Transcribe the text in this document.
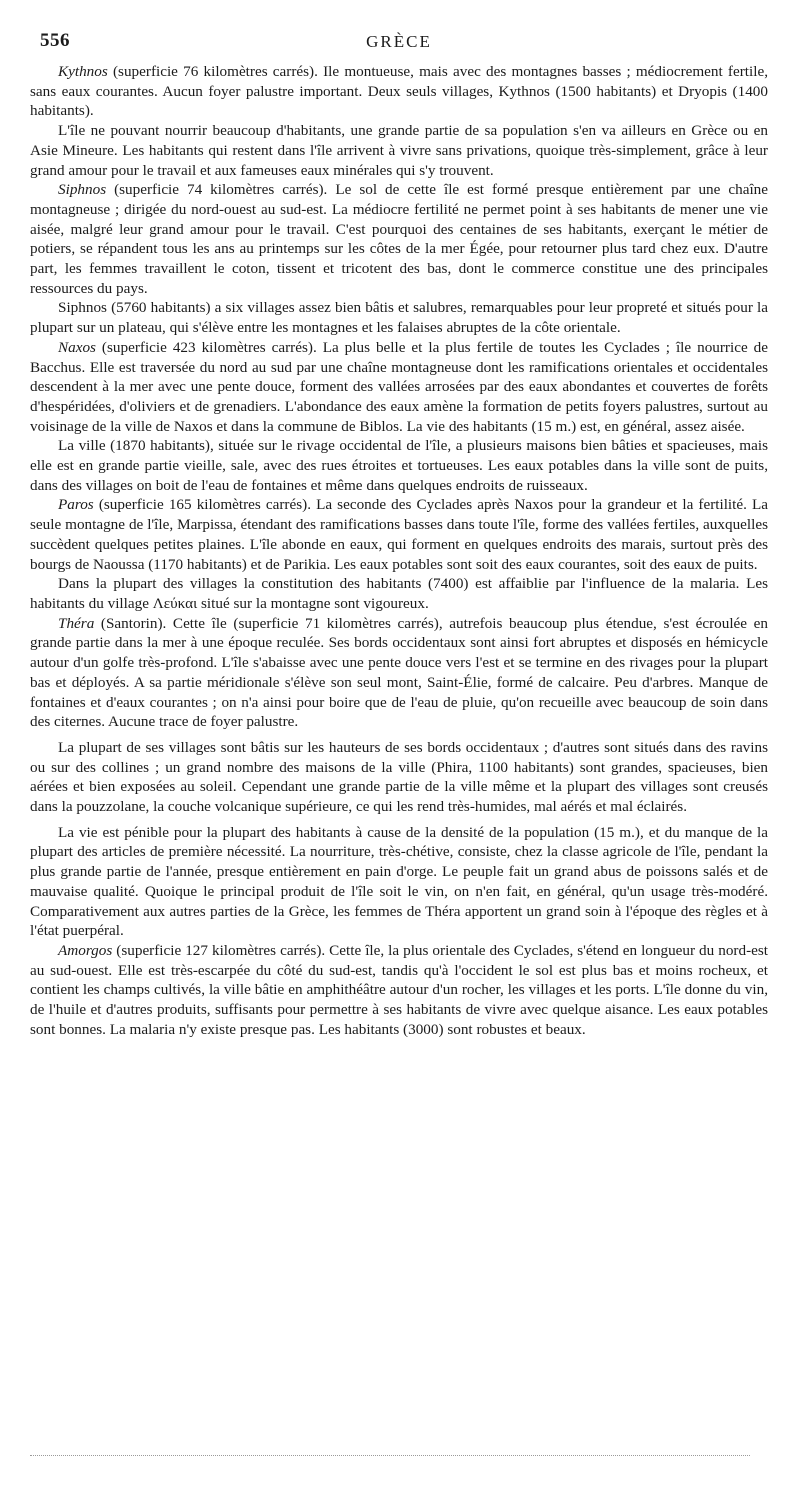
556	GRÈCE

Kythnos (superficie 76 kilomètres carrés). Ile montueuse, mais avec des montagnes basses ; médiocrement fertile, sans eaux courantes. Aucun foyer palustre important. Deux seuls villages, Kythnos (1500 habitants) et Dryopis (1400 habitants).

L'île ne pouvant nourrir beaucoup d'habitants, une grande partie de sa population s'en va ailleurs en Grèce ou en Asie Mineure. Les habitants qui restent dans l'île arrivent à vivre sans privations, quoique très-simplement, grâce à leur grand amour pour le travail et aux fameuses eaux minérales qui s'y trouvent.

Siphnos (superficie 74 kilomètres carrés). Le sol de cette île est formé presque entièrement par une chaîne montagneuse ; dirigée du nord-ouest au sud-est. La médiocre fertilité ne permet point à ses habitants de mener une vie aisée, malgré leur grand amour pour le travail. C'est pourquoi des centaines de ses habitants, exerçant le métier de potiers, se répandent tous les ans au printemps sur les côtes de la mer Égée, pour retourner plus tard chez eux. D'autre part, les femmes travaillent le coton, tissent et tricotent des bas, dont le commerce constitue une des principales ressources du pays.

Siphnos (5760 habitants) a six villages assez bien bâtis et salubres, remarquables pour leur propreté et situés pour la plupart sur un plateau, qui s'élève entre les montagnes et les falaises abruptes de la côte orientale.

Naxos (superficie 423 kilomètres carrés). La plus belle et la plus fertile de toutes les Cyclades ; île nourrice de Bacchus. Elle est traversée du nord au sud par une chaîne montagneuse dont les ramifications orientales et occidentales descendent à la mer avec une pente douce, forment des vallées arrosées par des eaux abondantes et couvertes de forêts d'hespéridées, d'oliviers et de grenadiers. L'abondance des eaux amène la formation de petits foyers palustres, surtout au voisinage de la ville de Naxos et dans la commune de Biblos. La vie des habitants (15 m.) est, en général, assez aisée.

La ville (1870 habitants), située sur le rivage occidental de l'île, a plusieurs maisons bien bâties et spacieuses, mais elle est en grande partie vieille, sale, avec des rues étroites et tortueuses. Les eaux potables dans la ville sont de puits, dans des villages on boit de l'eau de fontaines et même dans quelques endroits de ruisseaux.

Paros (superficie 165 kilomètres carrés). La seconde des Cyclades après Naxos pour la grandeur et la fertilité. La seule montagne de l'île, Marpissa, étendant des ramifications basses dans toute l'île, forme des vallées fertiles, auxquelles succèdent quelques petites plaines. L'île abonde en eaux, qui forment en quelques endroits des marais, surtout près des bourgs de Naoussa (1170 habitants) et de Parikia. Les eaux potables sont soit des eaux courantes, soit des eaux de puits.

Dans la plupart des villages la constitution des habitants (7400) est affaiblie par l'influence de la malaria. Les habitants du village Λεύκαι situé sur la montagne sont vigoureux.

Théra (Santorin). Cette île (superficie 71 kilomètres carrés), autrefois beaucoup plus étendue, s'est écroulée en grande partie dans la mer à une époque reculée. Ses bords occidentaux sont ainsi fort abruptes et disposés en hémicycle autour d'un golfe très-profond. L'île s'abaisse avec une pente douce vers l'est et se termine en des rivages pour la plupart bas et déployés. A sa partie méridionale s'élève son seul mont, Saint-Élie, formé de calcaire. Peu d'arbres. Manque de fontaines et d'eaux courantes ; on n'a ainsi pour boire que de l'eau de pluie, qu'on recueille avec beaucoup de soin dans des citernes. Aucune trace de foyer palustre.

La plupart de ses villages sont bâtis sur les hauteurs de ses bords occidentaux ; d'autres sont situés dans des ravins ou sur des collines ; un grand nombre des maisons de la ville (Phira, 1100 habitants) sont grandes, spacieuses, bien aérées et bien exposées au soleil. Cependant une grande partie de la ville même et la plupart des villages sont creusés dans la pouzzolane, la couche volcanique supérieure, ce qui les rend très-humides, mal aérés et mal éclairés.

La vie est pénible pour la plupart des habitants à cause de la densité de la population (15 m.), et du manque de la plupart des articles de première nécessité. La nourriture, très-chétive, consiste, chez la classe agricole de l'île, pendant la plus grande partie de l'année, presque entièrement en pain d'orge. Le peuple fait un grand abus de poissons salés et de mauvaise qualité. Quoique le principal produit de l'île soit le vin, on n'en fait, en général, qu'un usage très-modéré. Comparativement aux autres parties de la Grèce, les femmes de Théra apportent un grand soin à l'époque des règles et à l'état puerpéral.

Amorgos (superficie 127 kilomètres carrés). Cette île, la plus orientale des Cyclades, s'étend en longueur du nord-est au sud-ouest. Elle est très-escarpée du côté du sud-est, tandis qu'à l'occident le sol est plus bas et moins rocheux, et contient les champs cultivés, la ville bâtie en amphithéâtre autour d'un rocher, les villages et les ports. L'île donne du vin, de l'huile et d'autres produits, suffisants pour permettre à ses habitants de vivre avec quelque aisance. Les eaux potables sont bonnes. La malaria n'y existe presque pas. Les habitants (3000) sont robustes et beaux.
